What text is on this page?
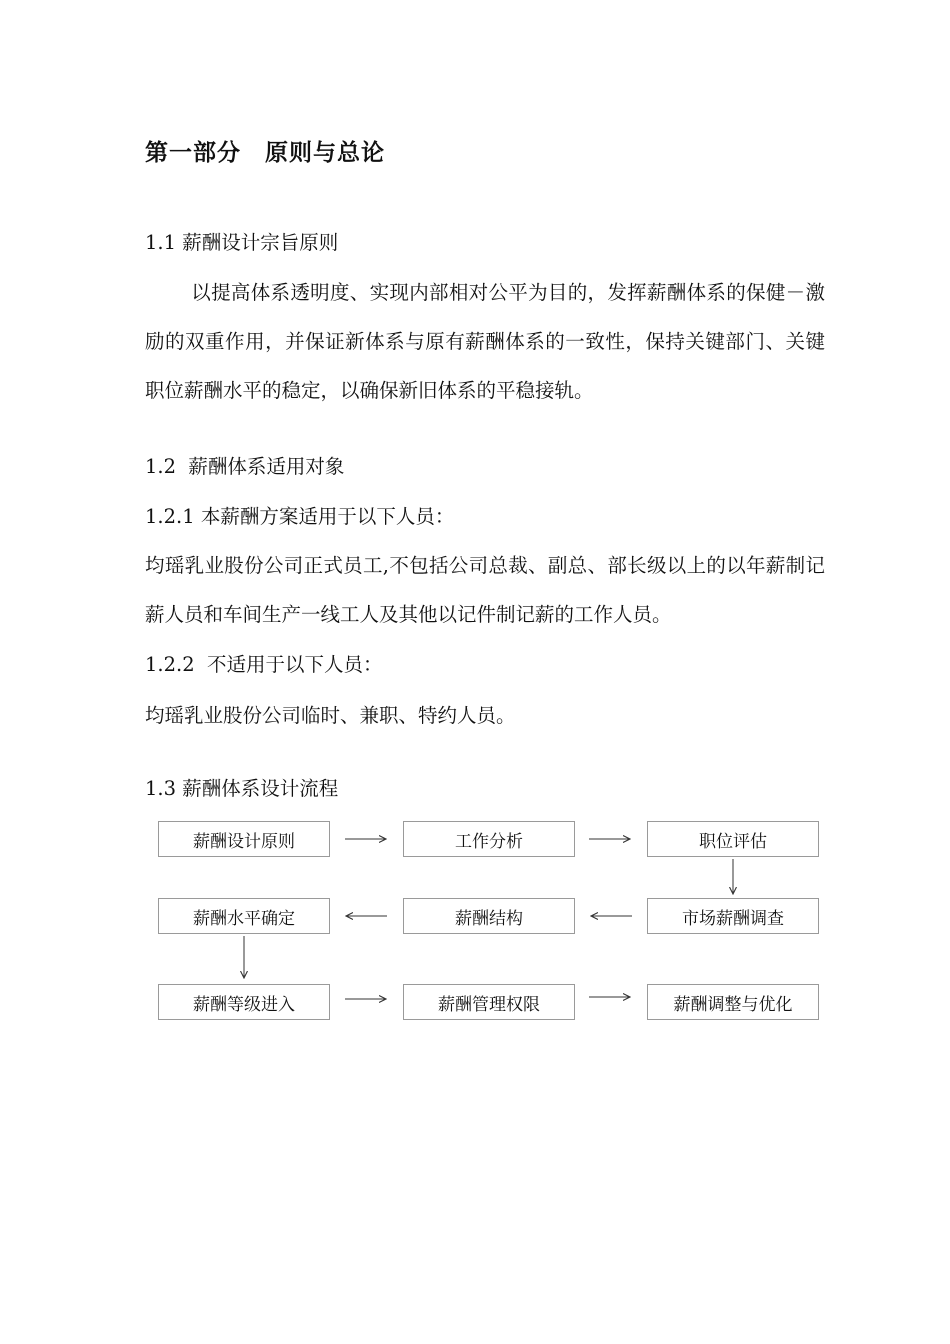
第一部分　原则与总论
1.1 薪酬设计宗旨原则
以提高体系透明度、实现内部相对公平为目的，发挥薪酬体系的保健－激励的双重作用，并保证新体系与原有薪酬体系的一致性，保持关键部门、关键职位薪酬水平的稳定，以确保新旧体系的平稳接轨。
1.2  薪酬体系适用对象
1.2.1 本薪酬方案适用于以下人员：
均瑶乳业股份公司正式员工,不包括公司总裁、副总、部长级以上的以年薪制记薪人员和车间生产一线工人及其他以记件制记薪的工作人员。
1.2.2  不适用于以下人员：
均瑶乳业股份公司临时、兼职、特约人员。
1.3 薪酬体系设计流程
薪酬设计原则	工作分析	职位评估
市场薪酬调查
薪酬结构
薪酬水平确定
薪酬等级进入	薪酬管理权限	薪酬调整与优化
